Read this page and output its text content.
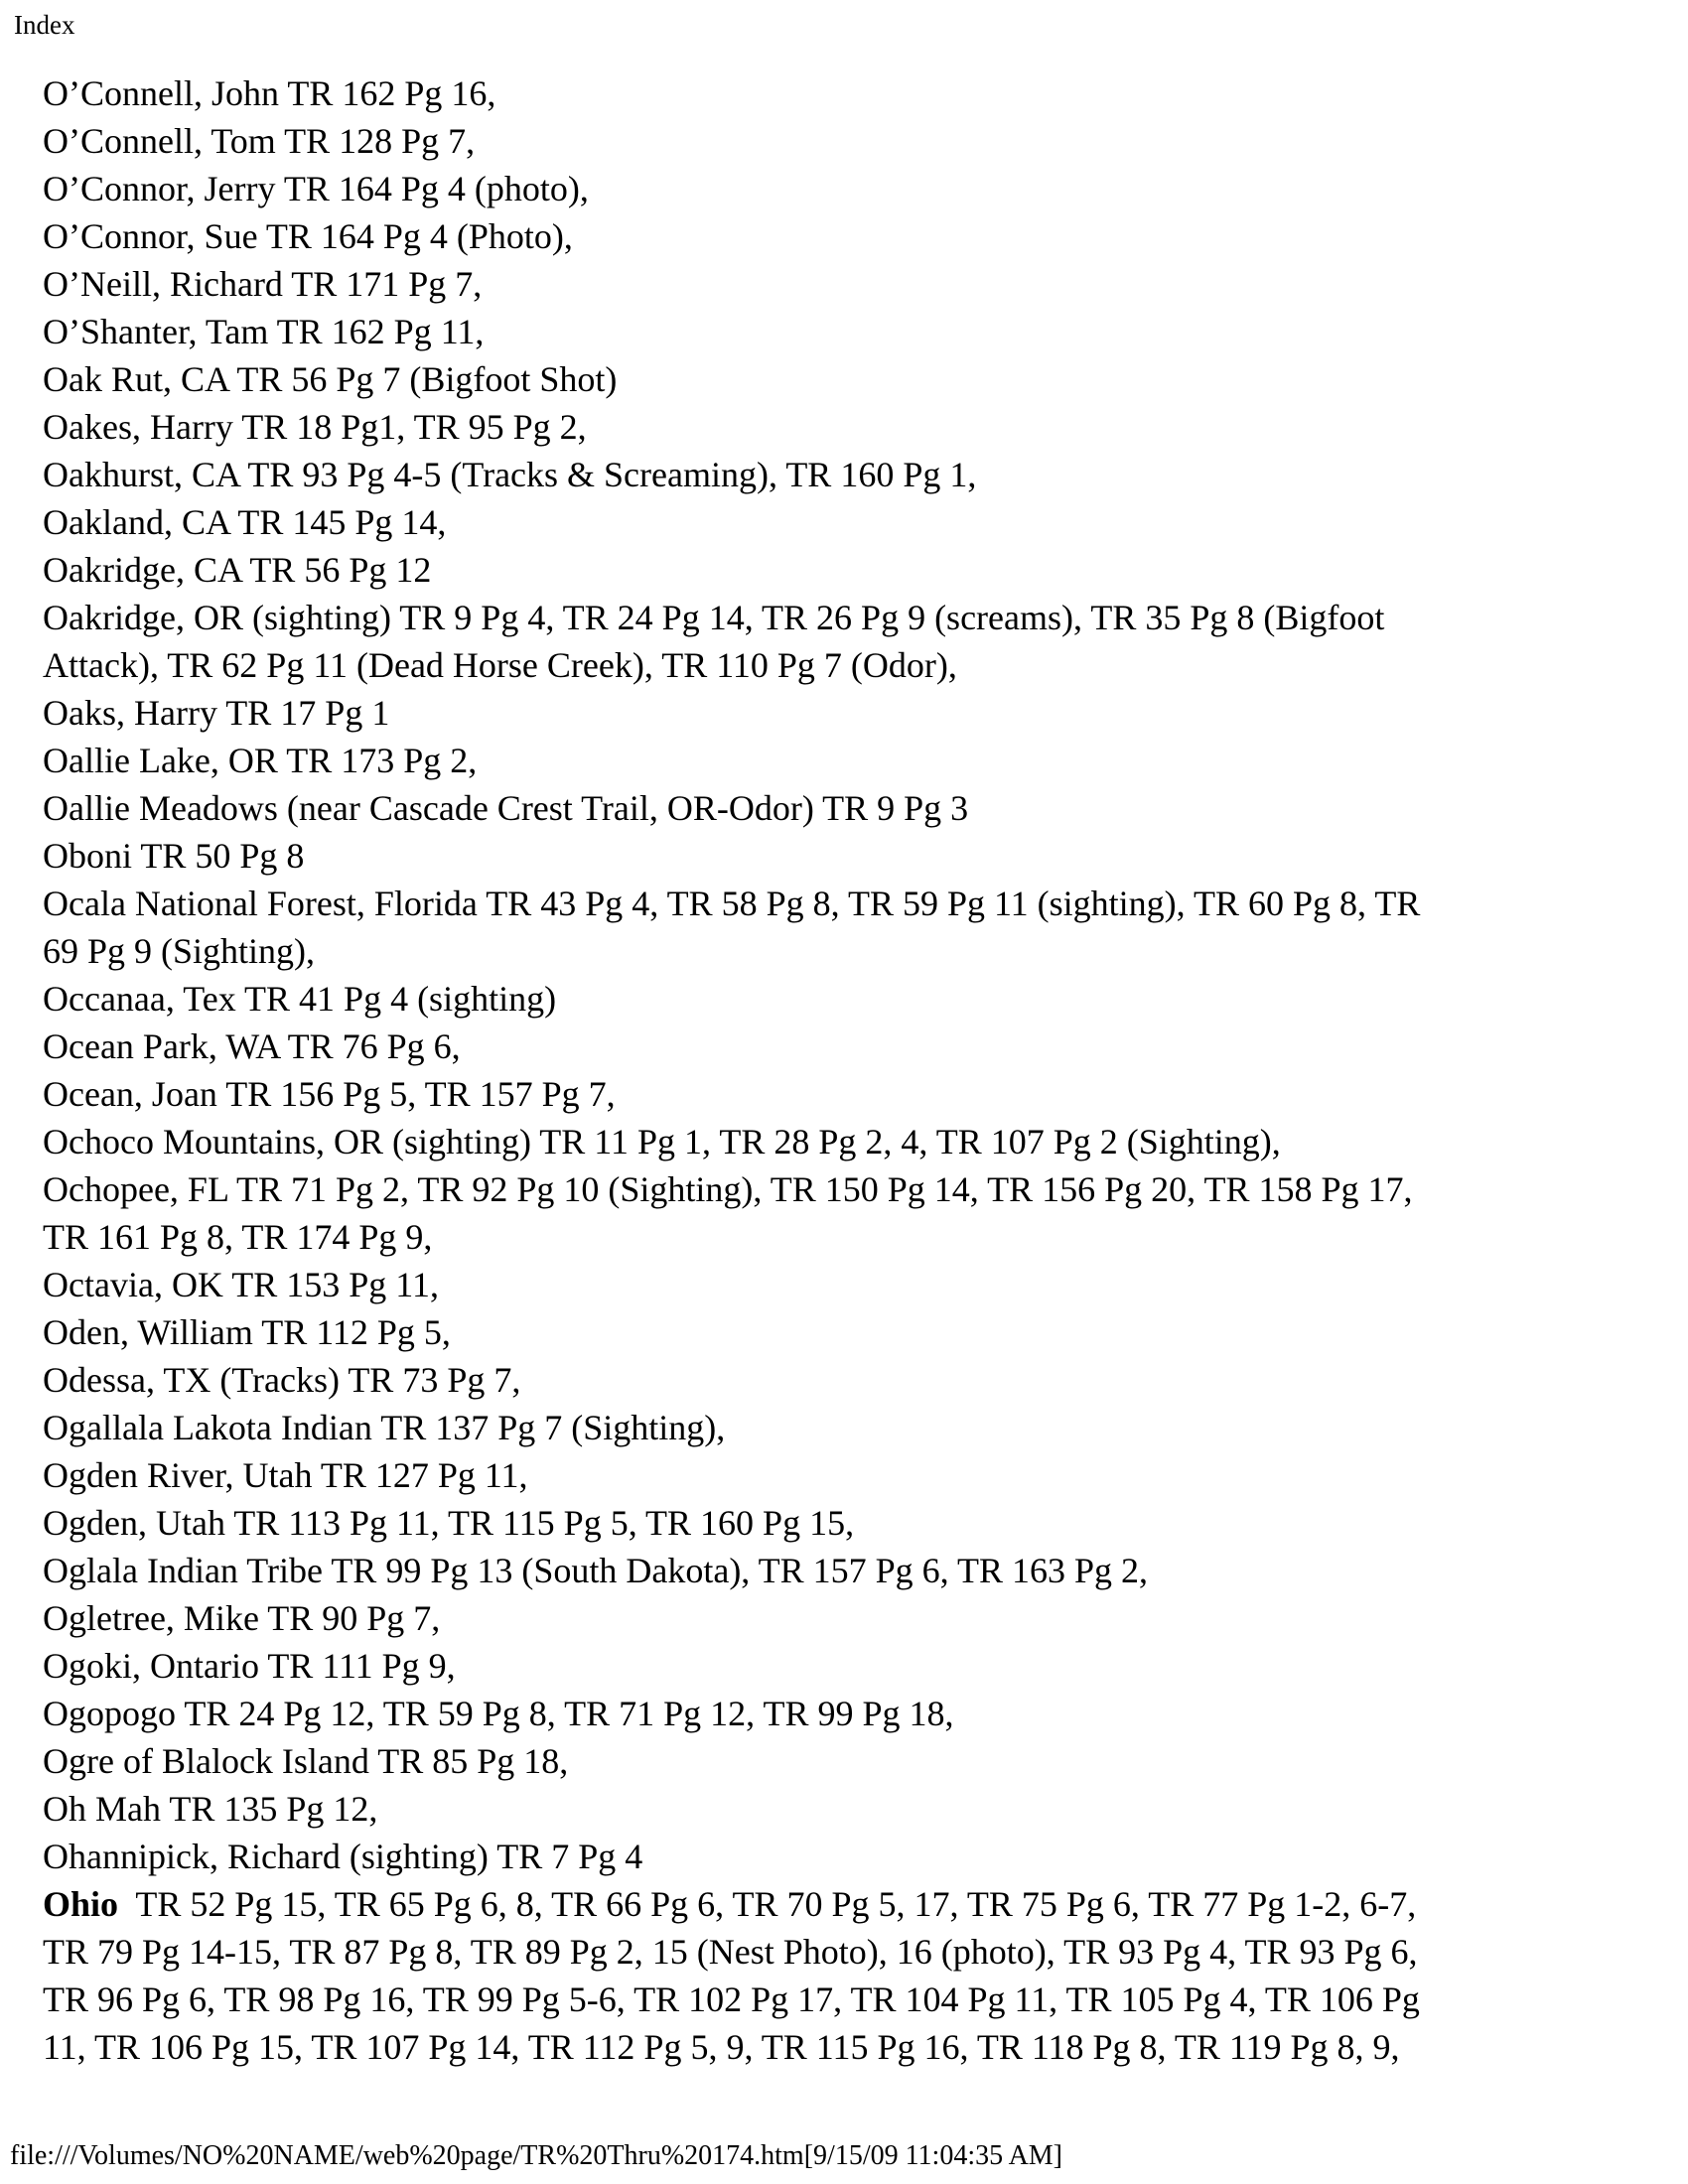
Index
O’Connell, John TR 162 Pg 16,
O’Connell, Tom TR 128 Pg 7,
O’Connor, Jerry TR 164 Pg 4 (photo),
O’Connor, Sue TR 164 Pg 4 (Photo),
O’Neill, Richard TR 171 Pg 7,
O’Shanter, Tam TR 162 Pg 11,
Oak Rut, CA TR 56 Pg 7 (Bigfoot Shot)
Oakes, Harry TR 18 Pg1, TR 95 Pg 2,
Oakhurst, CA TR 93 Pg 4-5 (Tracks & Screaming), TR 160 Pg 1,
Oakland, CA TR 145 Pg 14,
Oakridge, CA TR 56 Pg 12
Oakridge, OR (sighting) TR 9 Pg 4, TR 24 Pg 14, TR 26 Pg 9 (screams), TR 35 Pg 8 (Bigfoot
Attack), TR 62 Pg 11 (Dead Horse Creek), TR 110 Pg 7 (Odor),
Oaks, Harry TR 17 Pg 1
Oallie Lake, OR TR 173 Pg 2,
Oallie Meadows (near Cascade Crest Trail, OR-Odor) TR 9 Pg 3
Oboni TR 50 Pg 8
Ocala National Forest, Florida TR 43 Pg 4, TR 58 Pg 8, TR 59 Pg 11 (sighting), TR 60 Pg 8, TR
69 Pg 9 (Sighting),
Occanaa, Tex TR 41 Pg 4 (sighting)
Ocean Park, WA TR 76 Pg 6,
Ocean, Joan TR 156 Pg 5, TR 157 Pg 7,
Ochoco Mountains, OR (sighting) TR 11 Pg 1, TR 28 Pg 2, 4, TR 107 Pg 2 (Sighting),
Ochopee, FL TR 71 Pg 2, TR 92 Pg 10 (Sighting), TR 150 Pg 14, TR 156 Pg 20, TR 158 Pg 17,
TR 161 Pg 8, TR 174 Pg 9,
Octavia, OK TR 153 Pg 11,
Oden, William TR 112 Pg 5,
Odessa, TX (Tracks) TR 73 Pg 7,
Ogallala Lakota Indian TR 137 Pg 7 (Sighting),
Ogden River, Utah TR 127 Pg 11,
Ogden, Utah TR 113 Pg 11, TR 115 Pg 5, TR 160 Pg 15,
Oglala Indian Tribe TR 99 Pg 13 (South Dakota), TR 157 Pg 6, TR 163 Pg 2,
Ogletree, Mike TR 90 Pg 7,
Ogoki, Ontario TR 111 Pg 9,
Ogopogo TR 24 Pg 12, TR 59 Pg 8, TR 71 Pg 12, TR 99 Pg 18,
Ogre of Blalock Island TR 85 Pg 18,
Oh Mah TR 135 Pg 12,
Ohannipick, Richard (sighting) TR 7 Pg 4
Ohio  TR 52 Pg 15, TR 65 Pg 6, 8, TR 66 Pg 6, TR 70 Pg 5, 17, TR 75 Pg 6, TR 77 Pg 1-2, 6-7,
TR 79 Pg 14-15, TR 87 Pg 8, TR 89 Pg 2, 15 (Nest Photo), 16 (photo), TR 93 Pg 4, TR 93 Pg 6,
TR 96 Pg 6, TR 98 Pg 16, TR 99 Pg 5-6, TR 102 Pg 17, TR 104 Pg 11, TR 105 Pg 4, TR 106 Pg
11, TR 106 Pg 15, TR 107 Pg 14, TR 112 Pg 5, 9, TR 115 Pg 16, TR 118 Pg 8, TR 119 Pg 8, 9,
file:///Volumes/NO%20NAME/web%20page/TR%20Thru%20174.htm[9/15/09 11:04:35 AM]
